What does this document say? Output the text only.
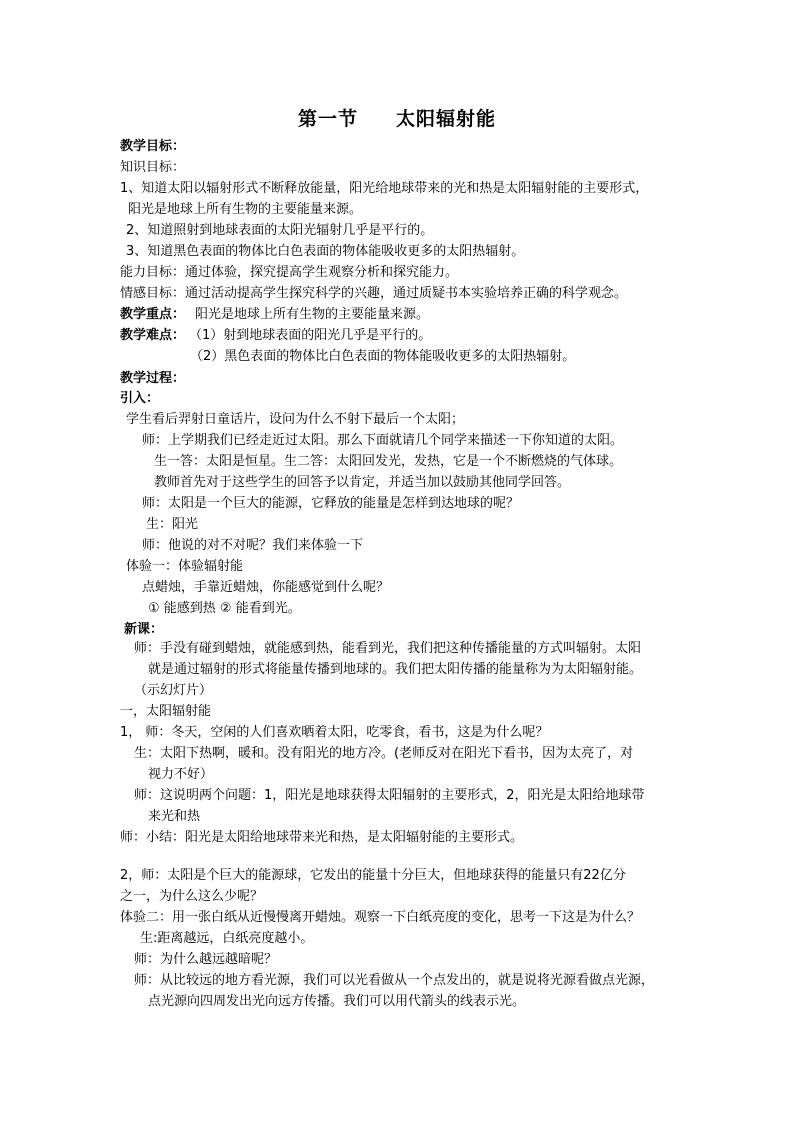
第一节     太阳辐射能
教学目标：
知识目标：
1、知道太阳以辐射形式不断释放能量，阳光给地球带来的光和热是太阳辐射能的主要形式，
阳光是地球上所有生物的主要能量来源。
2、知道照射到地球表面的太阳光辐射几乎是平行的。
3、知道黑色表面的物体比白色表面的物体能吸收更多的太阳热辐射。
能力目标：通过体验，探究提高学生观察分析和探究能力。
情感目标：通过活动提高学生探究科学的兴趣，通过质疑书本实验培养正确的科学观念。
教学重点： 阳光是地球上所有生物的主要能量来源。
教学难点： （1）射到地球表面的阳光几乎是平行的。
（2）黑色表面的物体比白色表面的物体能吸收更多的太阳热辐射。
教学过程：
引入：
学生看后羿射日童话片，设问为什么不射下最后一个太阳；
师：上学期我们已经走近过太阳。那么下面就请几个同学来描述一下你知道的太阳。
生一答：太阳是恒星。生二答：太阳回发光，发热，它是一个不断燃烧的气体球。
教师首先对于这些学生的回答予以肯定，并适当加以鼓励其他同学回答。
师：太阳是一个巨大的能源，它释放的能量是怎样到达地球的呢？
生：阳光
师：他说的对不对呢？我们来体验一下
体验一：体验辐射能
点蜡烛，手靠近蜡烛，你能感觉到什么呢？
① 能感到热 ② 能看到光。
新课：
师：手没有碰到蜡烛，就能感到热，能看到光，我们把这种传播能量的方式叫辐射。太阳
就是通过辐射的形式将能量传播到地球的。我们把太阳传播的能量称为为太阳辐射能。
（示幻灯片）
一，太阳辐射能
1， 师：冬天，空闲的人们喜欢晒着太阳，吃零食，看书，这是为什么呢？
生：太阳下热啊，暖和。没有阳光的地方冷。(老师反对在阳光下看书，因为太亮了，对
视力不好）
师：这说明两个问题：1，阳光是地球获得太阳辐射的主要形式，2，阳光是太阳给地球带
来光和热
师：小结：阳光是太阳给地球带来光和热，是太阳辐射能的主要形式。
2，师：太阳是个巨大的能源球，它发出的能量十分巨大，但地球获得的能量只有22亿分
之一，为什么这么少呢？
体验二：用一张白纸从近慢慢离开蜡烛。观察一下白纸亮度的变化，思考一下这是为什么？
生:距离越远，白纸亮度越小。
师：为什么越远越暗呢？
师：从比较远的地方看光源，我们可以光看做从一个点发出的，就是说将光源看做点光源，
点光源向四周发出光向远方传播。我们可以用代箭头的线表示光。
